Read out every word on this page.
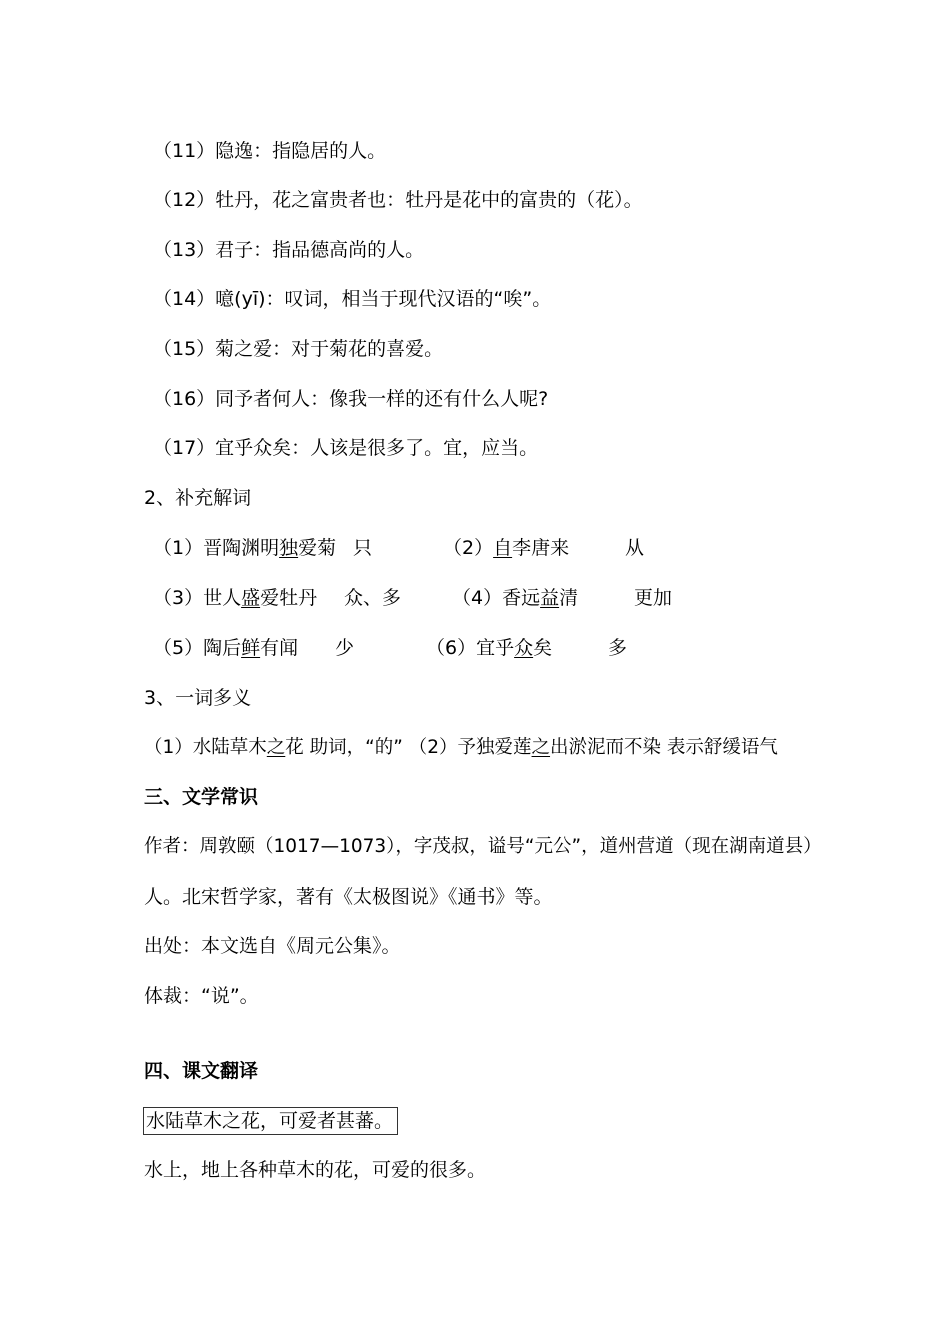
（11）隐逸：指隐居的人。
（12）牡丹，花之富贵者也：牡丹是花中的富贵的（花）。
（13）君子：指品德高尚的人。
（14）噫(yī)：叹词，相当于现代汉语的“唉”。
（15）菊之爱：对于菊花的喜爱。
（16）同予者何人：像我一样的还有什么人呢?
（17）宜乎众矣：人该是很多了。宜，应当。
2、补充解词
（1）晋陶渊明独爱菊 只	（2）自李唐来	从
（3）世人盛爱牡丹 众、多	（4）香远益清	更加
（5）陶后鲜有闻 少	（6）宜乎众矣	多
3、一词多义
（1）水陆草木之花 助词，“的” （2）予独爱莲之出淤泥而不染 表示舒缓语气
三、文学常识
作者：周敦颐（1017—1073），字茂叔，谥号“元公”，道州营道（现在湖南道县）
人。北宋哲学家，著有《太极图说》《通书》等。
出处：本文选自《周元公集》。
体裁：“说”。
四、课文翻译
水陆草木之花，可爱者甚蕃。
水上，地上各种草木的花，可爱的很多。
